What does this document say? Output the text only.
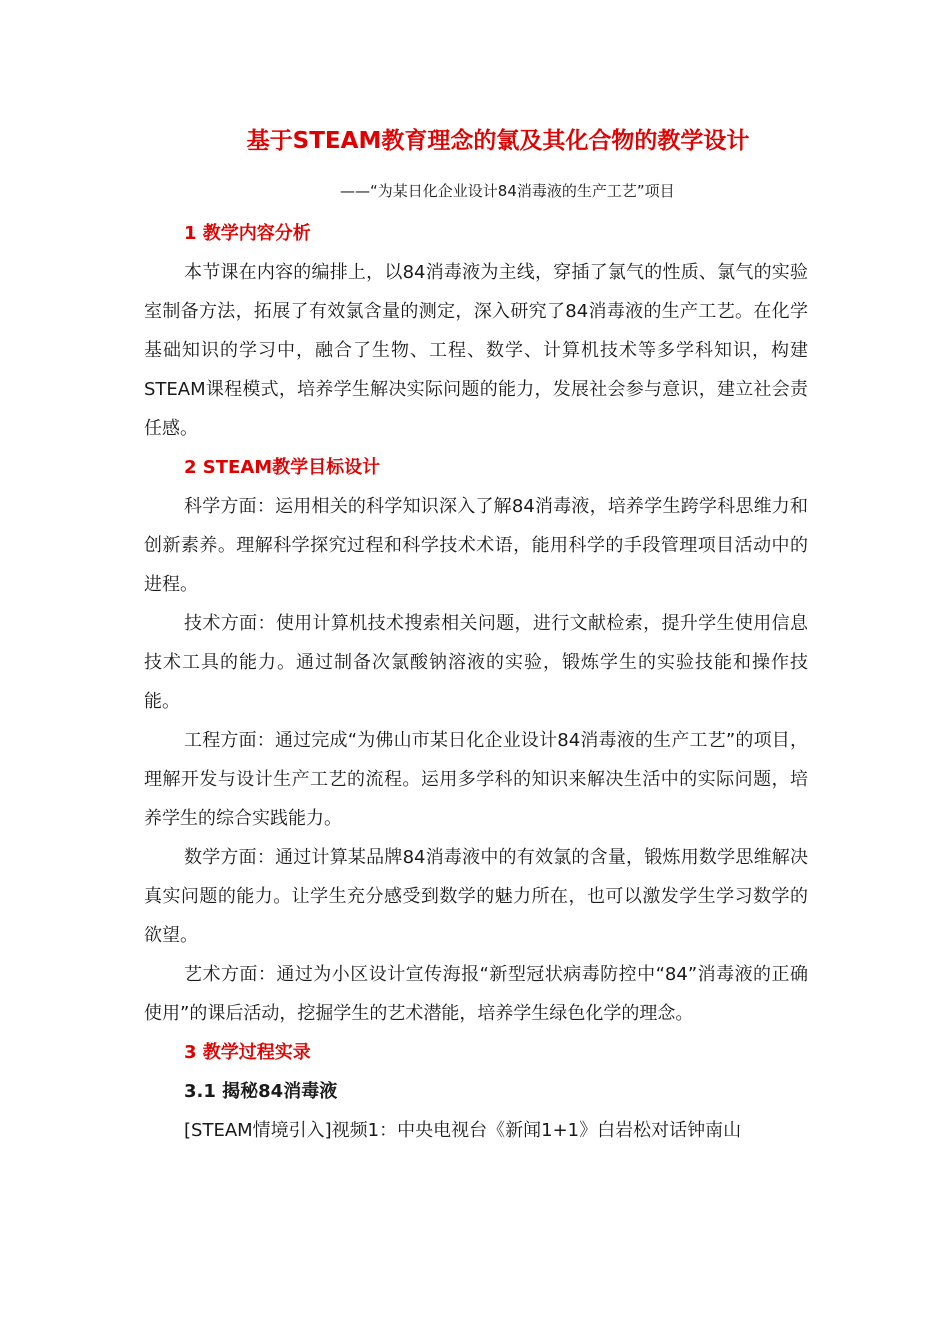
基于STEAM教育理念的氯及其化合物的教学设计
——“为某日化企业设计84消毒液的生产工艺”项目
1 教学内容分析

本节课在内容的编排上，以84消毒液为主线，穿插了氯气的性质、氯气的实验室制备方法，拓展了有效氯含量的测定，深入研究了84消毒液的生产工艺。在化学基础知识的学习中，融合了生物、工程、数学、计算机技术等多学科知识，构建STEAM课程模式，培养学生解决实际问题的能力，发展社会参与意识，建立社会责任感。

2 STEAM教学目标设计

科学方面：运用相关的科学知识深入了解84消毒液，培养学生跨学科思维力和创新素养。理解科学探究过程和科学技术术语，能用科学的手段管理项目活动中的进程。

技术方面：使用计算机技术搜索相关问题，进行文献检索，提升学生使用信息技术工具的能力。通过制备次氯酸钠溶液的实验，锻炼学生的实验技能和操作技能。

工程方面：通过完成“为佛山市某日化企业设计84消毒液的生产工艺”的项目，理解开发与设计生产工艺的流程。运用多学科的知识来解决生活中的实际问题，培养学生的综合实践能力。

数学方面：通过计算某品牌84消毒液中的有效氯的含量，锻炼用数学思维解决真实问题的能力。让学生充分感受到数学的魅力所在，也可以激发学生学习数学的欲望。

艺术方面：通过为小区设计宣传海报“新型冠状病毒防控中“84”消毒液的正确使用”的课后活动，挖掘学生的艺术潜能，培养学生绿色化学的理念。

3 教学过程实录
3.1 揭秘84消毒液

[STEAM情境引入]视频1：中央电视台《新闻1+1》白岩松对话钟南山
